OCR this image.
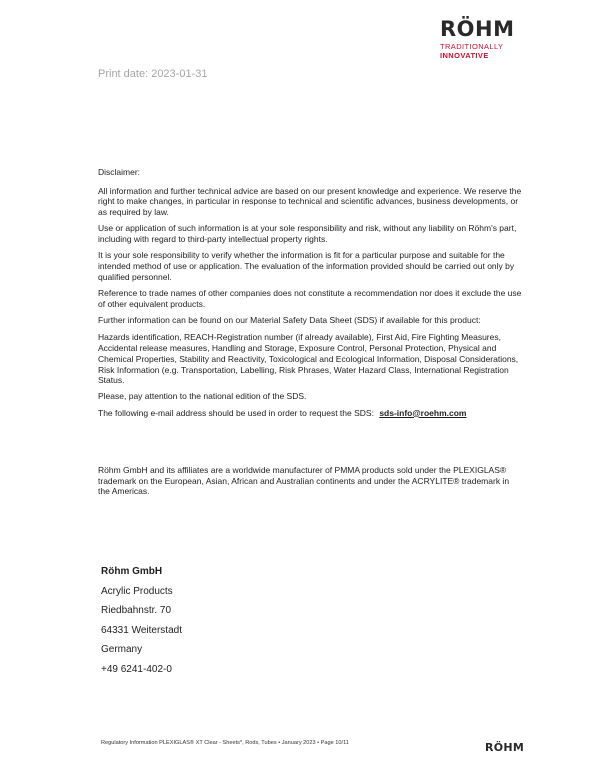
RÖHM
TRADITIONALLY
INNOVATIVE
Print date: 2023-01-31

Disclaimer:

All information and further technical advice are based on our present knowledge and experience. We reserve the right to make changes, in particular in response to technical and scientific advances, business developments, or as required by law.

Use or application of such information is at your sole responsibility and risk, without any liability on Röhm's part, including with regard to third-party intellectual property rights.

It is your sole responsibility to verify whether the information is fit for a particular purpose and suitable for the intended method of use or application. The evaluation of the information provided should be carried out only by qualified personnel.

Reference to trade names of other companies does not constitute a recommendation nor does it exclude the use of other equivalent products.

Further information can be found on our Material Safety Data Sheet (SDS) if available for this product:

Hazards identification, REACH-Registration number (if already available), First Aid, Fire Fighting Measures, Accidental release measures, Handling and Storage, Exposure Control, Personal Protection, Physical and Chemical Properties, Stability and Reactivity, Toxicological and Ecological Information, Disposal Considerations, Risk Information (e.g. Transportation, Labelling, Risk Phrases, Water Hazard Class, International Registration Status.

Please, pay attention to the national edition of the SDS.

The following e-mail address should be used in order to request the SDS: sds-info@roehm.com

Röhm GmbH and its affiliates are a worldwide manufacturer of PMMA products sold under the PLEXIGLAS® trademark on the European, Asian, African and Australian continents and under the ACRYLITE® trademark in the Americas.
Röhm GmbH
Acrylic Products
Riedbahnstr. 70
64331 Weiterstadt
Germany
+49 6241-402-0
Regulatory Information PLEXIGLAS® XT Clear - Sheets*, Rods, Tubes • January 2023 • Page 10/11	RÖHM
